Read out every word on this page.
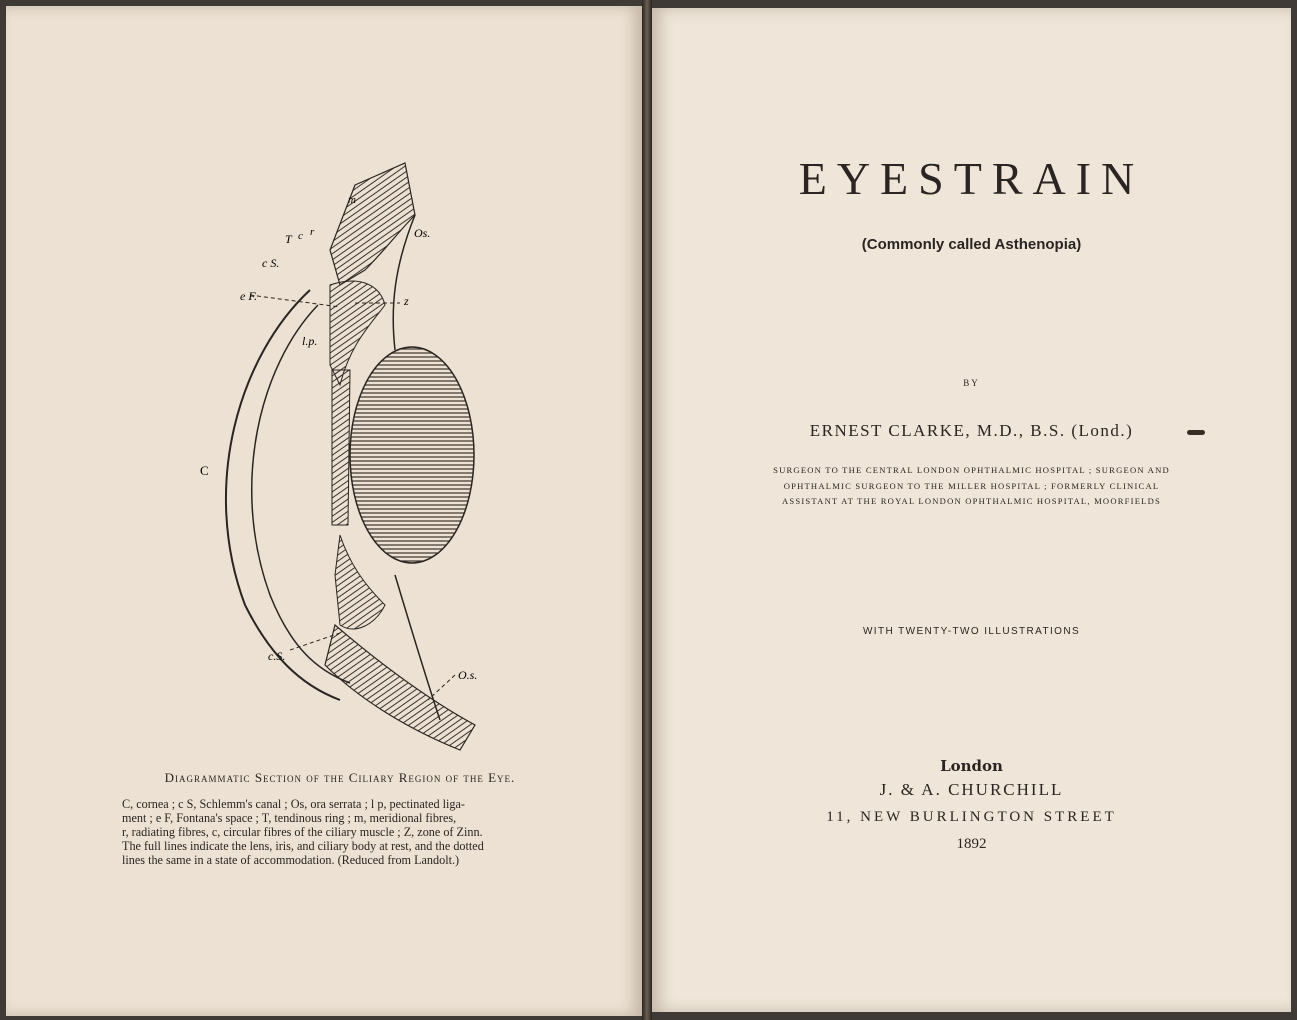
m
Os.
T c r
c S.
e F.	z
l.p.
C
c.S.
O.s.
Diagrammatic Section of the Ciliary Region of the Eye.
C, cornea ; c S, Schlemm's canal ; Os, ora serrata ; l p, pectinated liga-
ment ; e F, Fontana's space ; T, tendinous ring ; m, meridional fibres,
r, radiating fibres, c, circular fibres of the ciliary muscle ; Z, zone of Zinn.
The full lines indicate the lens, iris, and ciliary body at rest, and the dotted
lines the same in a state of accommodation. (Reduced from Landolt.)
EYESTRAIN
(Commonly called Asthenopia)
BY
ERNEST CLARKE, M.D., B.S. (Lond.)
SURGEON TO THE CENTRAL LONDON OPHTHALMIC HOSPITAL ; SURGEON AND
OPHTHALMIC SURGEON TO THE MILLER HOSPITAL ; FORMERLY CLINICAL
ASSISTANT AT THE ROYAL LONDON OPHTHALMIC HOSPITAL, MOORFIELDS
WITH TWENTY-TWO ILLUSTRATIONS
London
J. & A. CHURCHILL
11, NEW BURLINGTON STREET
1892
